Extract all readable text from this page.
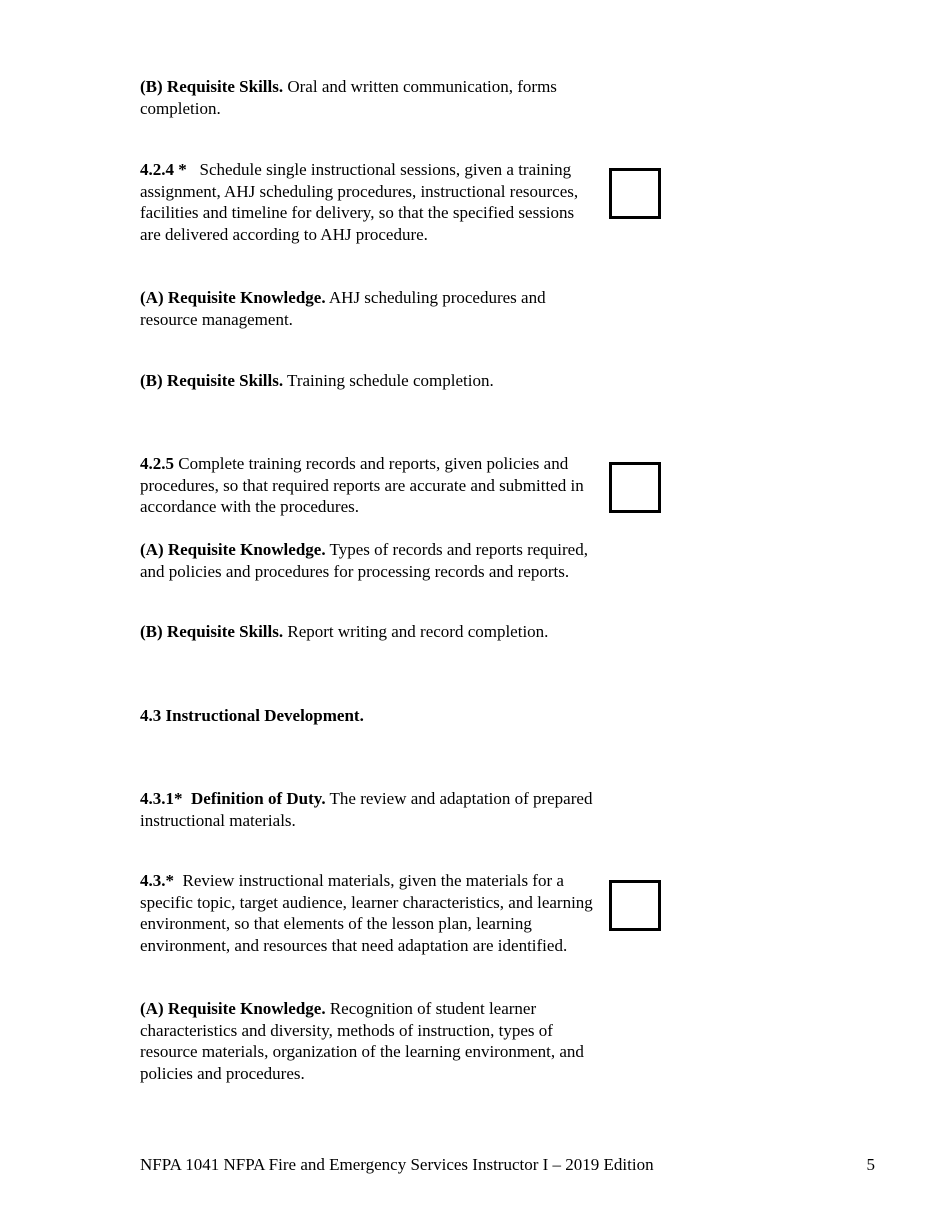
(B) Requisite Skills. Oral and written communication, forms completion.

4.2.4 *   Schedule single instructional sessions, given a training assignment, AHJ scheduling procedures, instructional resources, facilities and timeline for delivery, so that the specified sessions are delivered according to AHJ procedure.

(A) Requisite Knowledge. AHJ scheduling procedures and resource management.

(B) Requisite Skills. Training schedule completion.

4.2.5 Complete training records and reports, given policies and procedures, so that required reports are accurate and submitted in accordance with the procedures.

(A) Requisite Knowledge. Types of records and reports required, and policies and procedures for processing records and reports.

(B) Requisite Skills. Report writing and record completion.

4.3 Instructional Development.

4.3.1*  Definition of Duty. The review and adaptation of prepared instructional materials.

4.3.*  Review instructional materials, given the materials for a specific topic, target audience, learner characteristics, and learning environment, so that elements of the lesson plan, learning environment, and resources that need adaptation are identified.

(A) Requisite Knowledge. Recognition of student learner characteristics and diversity, methods of instruction, types of resource materials, organization of the learning environment, and policies and procedures.

NFPA 1041 NFPA Fire and Emergency Services Instructor I – 2019 Edition	5
